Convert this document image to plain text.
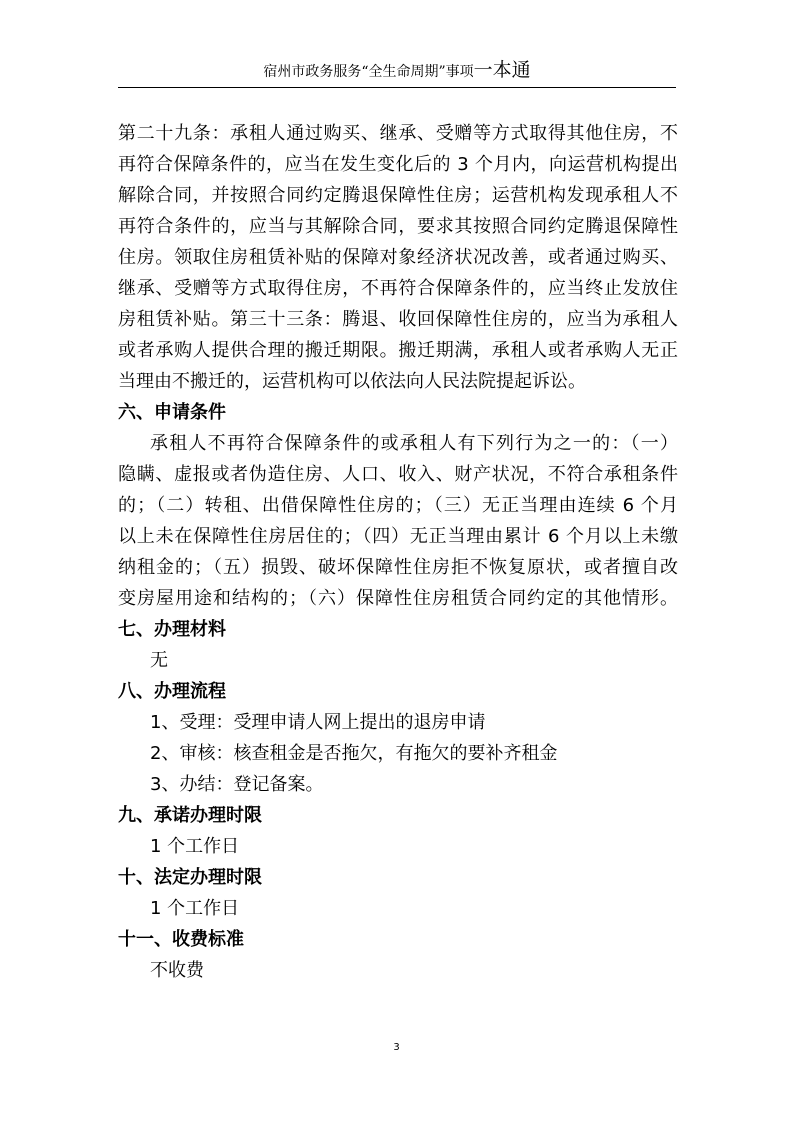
宿州市政务服务“全生命周期”事项一本通
第二十九条：承租人通过购买、继承、受赠等方式取得其他住房，不
再符合保障条件的，应当在发生变化后的 3 个月内，向运营机构提出
解除合同，并按照合同约定腾退保障性住房；运营机构发现承租人不
再符合条件的，应当与其解除合同，要求其按照合同约定腾退保障性
住房。领取住房租赁补贴的保障对象经济状况改善，或者通过购买、
继承、受赠等方式取得住房，不再符合保障条件的，应当终止发放住
房租赁补贴。第三十三条：腾退、收回保障性住房的，应当为承租人
或者承购人提供合理的搬迁期限。搬迁期满，承租人或者承购人无正
当理由不搬迁的，运营机构可以依法向人民法院提起诉讼。
六、申请条件
承租人不再符合保障条件的或承租人有下列行为之一的：（一）
隐瞒、虚报或者伪造住房、人口、收入、财产状况，不符合承租条件
的；（二）转租、出借保障性住房的；（三）无正当理由连续 6 个月
以上未在保障性住房居住的；（四）无正当理由累计 6 个月以上未缴
纳租金的；（五）损毁、破坏保障性住房拒不恢复原状，或者擅自改
变房屋用途和结构的；（六）保障性住房租赁合同约定的其他情形。
七、办理材料
无
八、办理流程
1、受理：受理申请人网上提出的退房申请
2、审核：核查租金是否拖欠，有拖欠的要补齐租金
3、办结：登记备案。
九、承诺办理时限
1 个工作日
十、法定办理时限
1 个工作日
十一、收费标准
不收费
3
